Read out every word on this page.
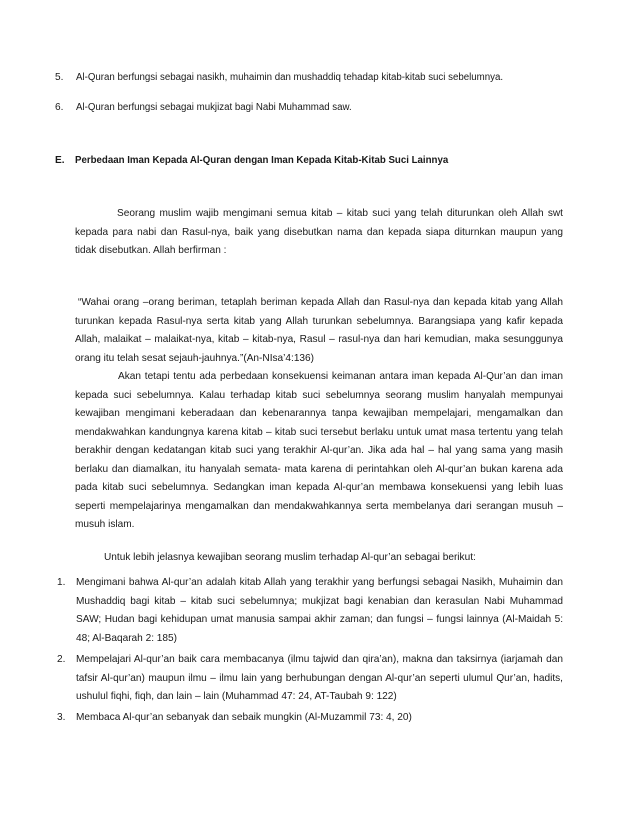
5. Al-Quran berfungsi sebagai nasikh, muhaimin dan mushaddiq tehadap kitab-kitab suci sebelumnya.
6. Al-Quran berfungsi sebagai mukjizat bagi Nabi Muhammad saw.
E. Perbedaan Iman Kepada Al-Quran dengan Iman Kepada Kitab-Kitab Suci Lainnya

Seorang muslim wajib mengimani semua kitab – kitab suci yang telah diturunkan oleh Allah swt kepada para nabi dan Rasul-nya, baik yang disebutkan nama dan kepada siapa diturnkan maupun yang tidak disebutkan. Allah berfirman :

“Wahai orang –orang beriman, tetaplah beriman kepada Allah dan Rasul-nya dan kepada kitab yang Allah turunkan kepada Rasul-nya serta kitab yang Allah turunkan sebelumnya. Barangsiapa yang kafir kepada Allah, malaikat – malaikat-nya, kitab – kitab-nya, Rasul – rasul-nya dan hari kemudian, maka sesunggunya orang itu telah sesat sejauh-jauhnya.”(An-NIsa’4:136)

Akan tetapi tentu ada perbedaan konsekuensi keimanan antara iman kepada Al-Qur’an dan iman kepada suci sebelumnya. Kalau terhadap kitab suci sebelumnya seorang muslim hanyalah mempunyai kewajiban mengimani keberadaan dan kebenarannya tanpa kewajiban mempelajari, mengamalkan dan mendakwahkan kandungnya karena kitab – kitab suci tersebut berlaku untuk umat masa tertentu yang telah berakhir dengan kedatangan kitab suci yang terakhir Al-qur’an. Jika ada hal – hal yang sama yang masih berlaku dan diamalkan, itu hanyalah semata- mata karena di perintahkan oleh Al-qur’an bukan karena ada pada kitab suci sebelumnya. Sedangkan iman kepada Al-qur’an membawa konsekuensi yang lebih luas seperti mempelajarinya mengamalkan dan mendakwahkannya serta membelanya dari serangan musuh – musuh islam.

Untuk lebih jelasnya kewajiban seorang muslim terhadap Al-qur’an sebagai berikut:
1. Mengimani bahwa Al-qur’an adalah kitab Allah yang terakhir yang berfungsi sebagai Nasikh, Muhaimin dan Mushaddiq bagi kitab – kitab suci sebelumnya; mukjizat bagi kenabian dan kerasulan Nabi Muhammad SAW; Hudan bagi kehidupan umat manusia sampai akhir zaman; dan fungsi – fungsi lainnya (Al-Maidah 5: 48; Al-Baqarah 2: 185)

2. Mempelajari Al-qur’an baik cara membacanya (ilmu tajwid dan qira’an), makna dan taksirnya (iarjamah dan tafsir Al-qur’an) maupun ilmu – ilmu lain yang berhubungan dengan Al-qur’an seperti ulumul Qur’an, hadits, ushulul fiqhi, fiqh, dan lain – lain (Muhammad 47: 24, AT-Taubah 9: 122)

3. Membaca Al-qur’an sebanyak dan sebaik mungkin (Al-Muzammil 73: 4, 20)
